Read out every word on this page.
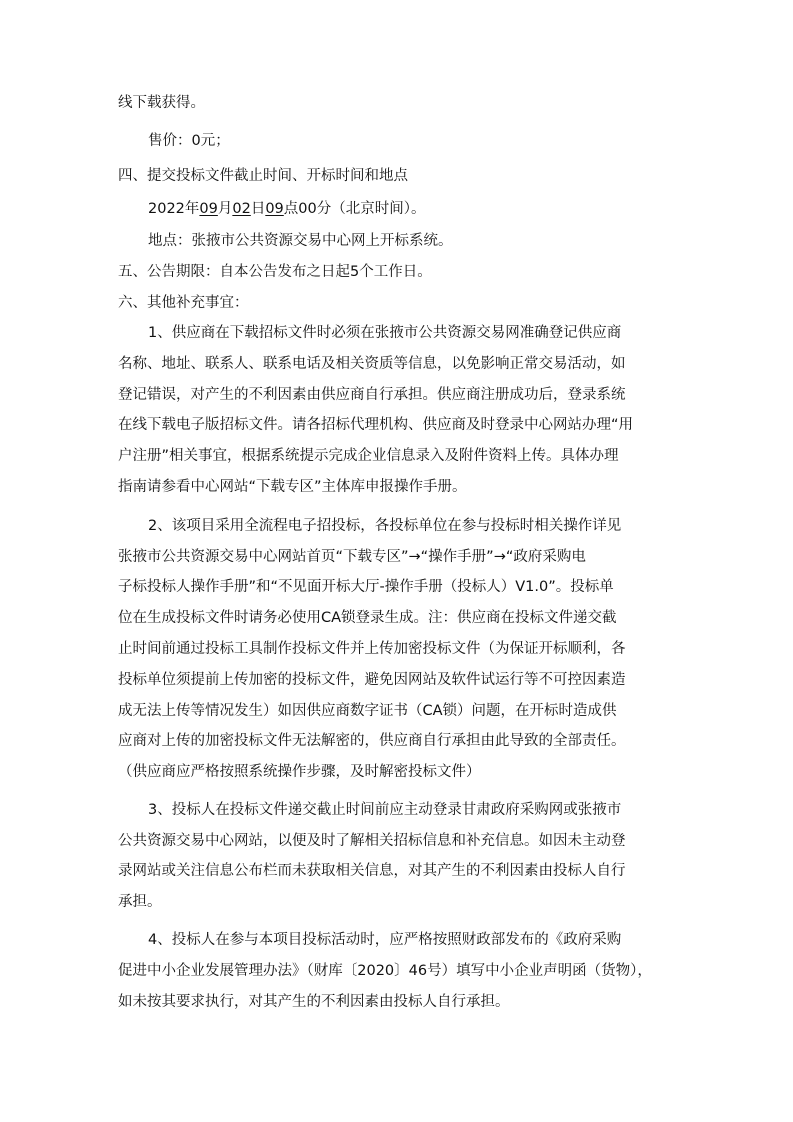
线下载获得。
售价：0元；
四、提交投标文件截止时间、开标时间和地点
2022年09月02日09点00分（北京时间）。
地点：张掖市公共资源交易中心网上开标系统。
五、公告期限：自本公告发布之日起5个工作日。
六、其他补充事宜：
1、供应商在下载招标文件时必须在张掖市公共资源交易网准确登记供应商
名称、地址、联系人、联系电话及相关资质等信息，以免影响正常交易活动，如
登记错误，对产生的不利因素由供应商自行承担。供应商注册成功后，登录系统
在线下载电子版招标文件。请各招标代理机构、供应商及时登录中心网站办理“用
户注册”相关事宜，根据系统提示完成企业信息录入及附件资料上传。具体办理
指南请参看中心网站“下载专区”主体库申报操作手册。
2、该项目采用全流程电子招投标，各投标单位在参与投标时相关操作详见
张掖市公共资源交易中心网站首页“下载专区”→“操作手册”→“政府采购电
子标投标人操作手册”和“不见面开标大厅-操作手册（投标人）V1.0”。投标单
位在生成投标文件时请务必使用CA锁登录生成。注：供应商在投标文件递交截
止时间前通过投标工具制作投标文件并上传加密投标文件（为保证开标顺利，各
投标单位须提前上传加密的投标文件，避免因网站及软件试运行等不可控因素造
成无法上传等情况发生）如因供应商数字证书（CA锁）问题，在开标时造成供
应商对上传的加密投标文件无法解密的，供应商自行承担由此导致的全部责任。
（供应商应严格按照系统操作步骤，及时解密投标文件）
3、投标人在投标文件递交截止时间前应主动登录甘肃政府采购网或张掖市
公共资源交易中心网站，以便及时了解相关招标信息和补充信息。如因未主动登
录网站或关注信息公布栏而未获取相关信息，对其产生的不利因素由投标人自行
承担。
4、投标人在参与本项目投标活动时，应严格按照财政部发布的《政府采购
促进中小企业发展管理办法》（财库〔2020〕46号）填写中小企业声明函（货物），
如未按其要求执行，对其产生的不利因素由投标人自行承担。
